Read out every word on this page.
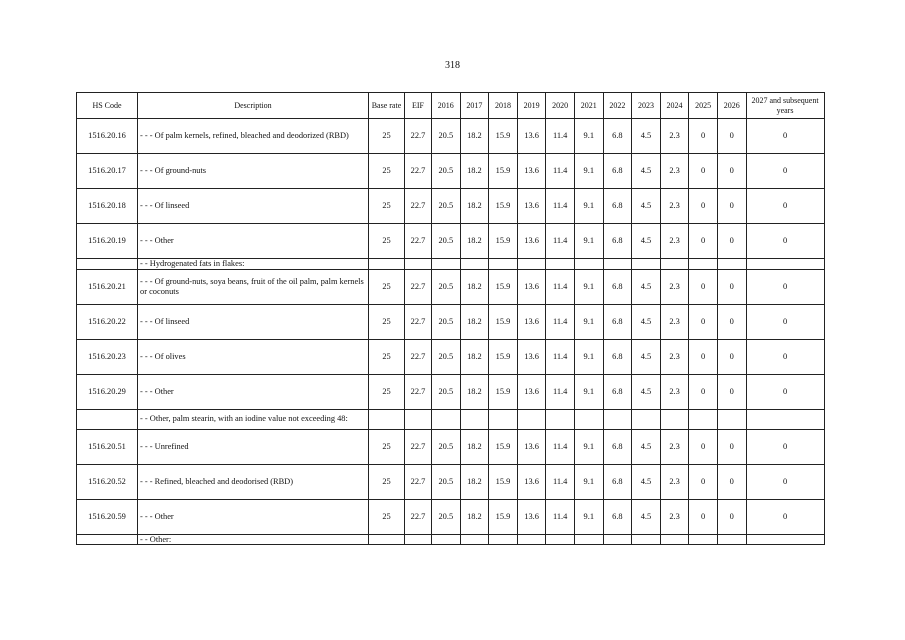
318
HS Code	Description	Base rate	EIF	2016	2017	2018	2019	2020	2021	2022	2023	2024	2025	2026	2027 and subsequent years
1516.20.16	- - - Of palm kernels, refined, bleached and deodorized (RBD)	25	22.7	20.5	18.2	15.9	13.6	11.4	9.1	6.8	4.5	2.3	0	0	0
1516.20.17	- - - Of ground-nuts	25	22.7	20.5	18.2	15.9	13.6	11.4	9.1	6.8	4.5	2.3	0	0	0
1516.20.18	- - - Of linseed	25	22.7	20.5	18.2	15.9	13.6	11.4	9.1	6.8	4.5	2.3	0	0	0
1516.20.19	- - - Other	25	22.7	20.5	18.2	15.9	13.6	11.4	9.1	6.8	4.5	2.3	0	0	0
	- - Hydrogenated fats in flakes:														
1516.20.21	- - - Of ground-nuts, soya beans, fruit of the oil palm, palm kernels or coconuts	25	22.7	20.5	18.2	15.9	13.6	11.4	9.1	6.8	4.5	2.3	0	0	0
1516.20.22	- - - Of linseed	25	22.7	20.5	18.2	15.9	13.6	11.4	9.1	6.8	4.5	2.3	0	0	0
1516.20.23	- - - Of olives	25	22.7	20.5	18.2	15.9	13.6	11.4	9.1	6.8	4.5	2.3	0	0	0
1516.20.29	- - - Other	25	22.7	20.5	18.2	15.9	13.6	11.4	9.1	6.8	4.5	2.3	0	0	0
	- - Other, palm stearin, with an iodine value not exceeding 48:														
1516.20.51	- - - Unrefined	25	22.7	20.5	18.2	15.9	13.6	11.4	9.1	6.8	4.5	2.3	0	0	0
1516.20.52	- - - Refined, bleached and deodorised (RBD)	25	22.7	20.5	18.2	15.9	13.6	11.4	9.1	6.8	4.5	2.3	0	0	0
1516.20.59	- - - Other	25	22.7	20.5	18.2	15.9	13.6	11.4	9.1	6.8	4.5	2.3	0	0	0
	- - Other:														
